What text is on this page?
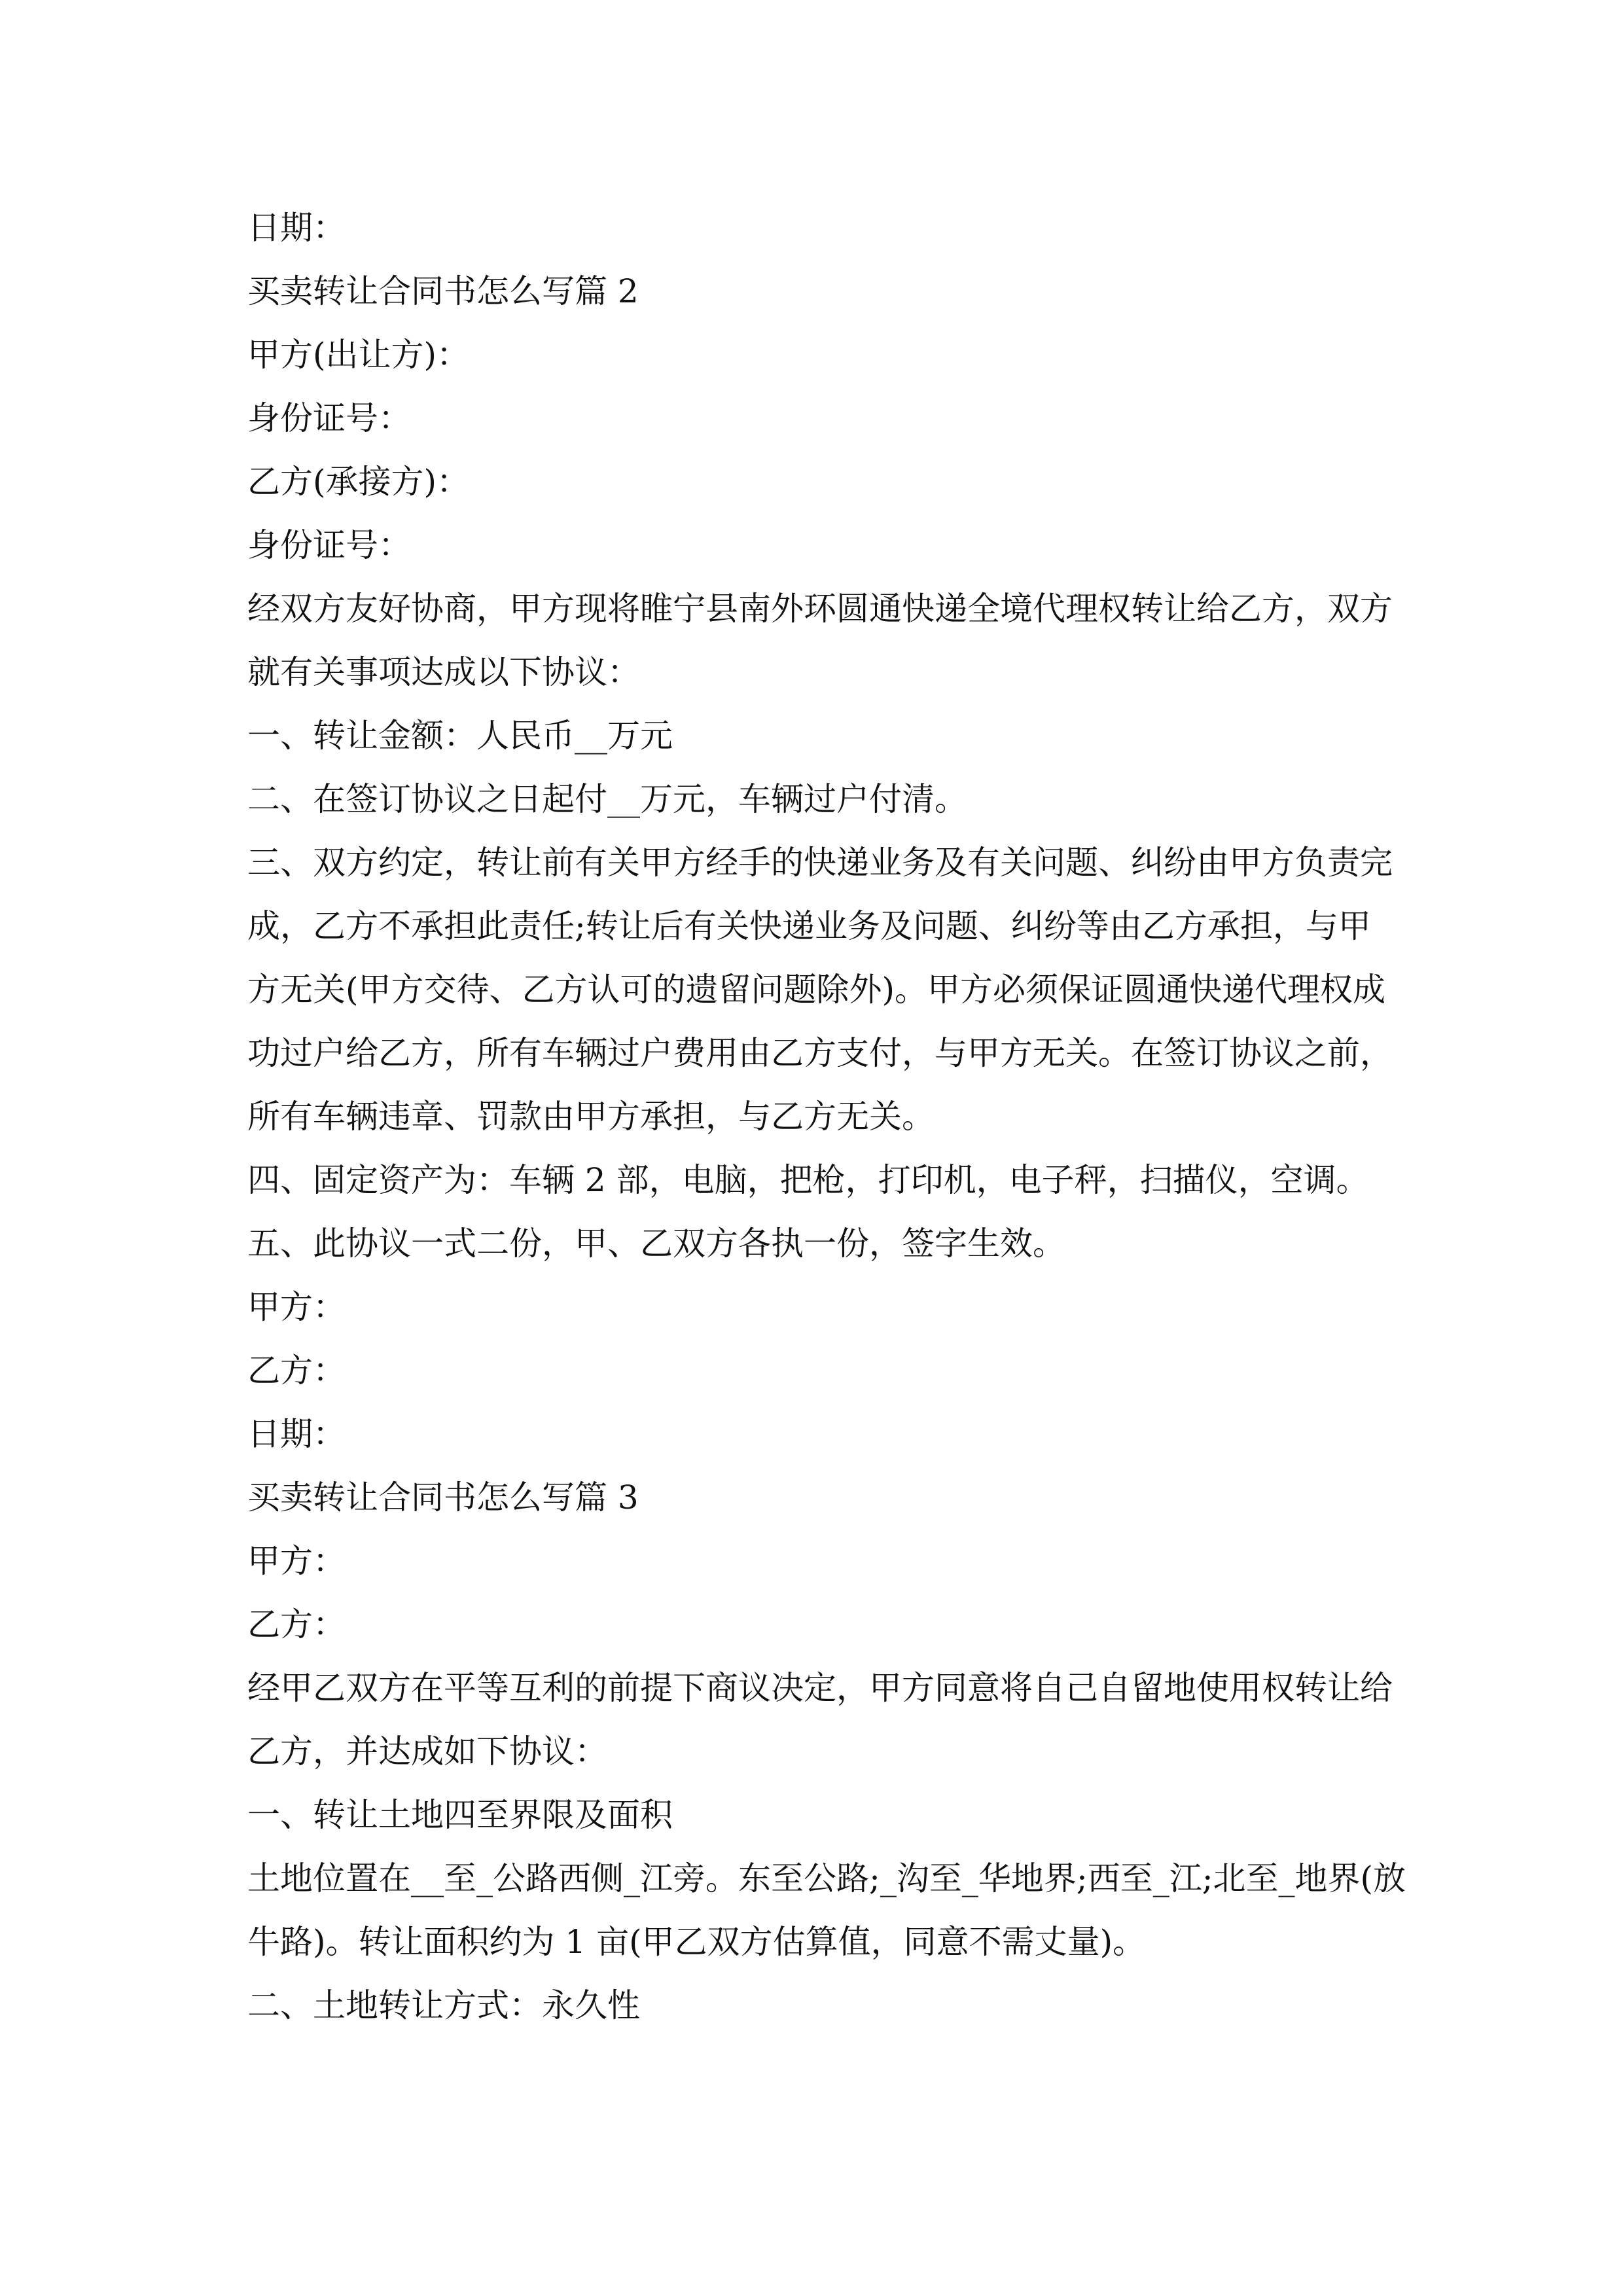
日期：
买卖转让合同书怎么写篇 2
甲方(出让方)：
身份证号：
乙方(承接方)：
身份证号：
经双方友好协商，甲方现将睢宁县南外环圆通快递全境代理权转让给乙方，双方
就有关事项达成以下协议：
一、转让金额：人民币__万元
二、在签订协议之日起付__万元，车辆过户付清。
三、双方约定，转让前有关甲方经手的快递业务及有关问题、纠纷由甲方负责完
成，乙方不承担此责任;转让后有关快递业务及问题、纠纷等由乙方承担，与甲
方无关(甲方交待、乙方认可的遗留问题除外)。甲方必须保证圆通快递代理权成
功过户给乙方，所有车辆过户费用由乙方支付，与甲方无关。在签订协议之前，
所有车辆违章、罚款由甲方承担，与乙方无关。
四、固定资产为：车辆 2 部，电脑，把枪，打印机，电子秤，扫描仪，空调。
五、此协议一式二份，甲、乙双方各执一份，签字生效。
甲方：
乙方：
日期：
买卖转让合同书怎么写篇 3
甲方：
乙方：
经甲乙双方在平等互利的前提下商议决定，甲方同意将自己自留地使用权转让给
乙方，并达成如下协议：
一、转让土地四至界限及面积
土地位置在__至_公路西侧_江旁。东至公路;_沟至_华地界;西至_江;北至_地界(放
牛路)。转让面积约为 1 亩(甲乙双方估算值，同意不需丈量)。
二、土地转让方式：永久性
